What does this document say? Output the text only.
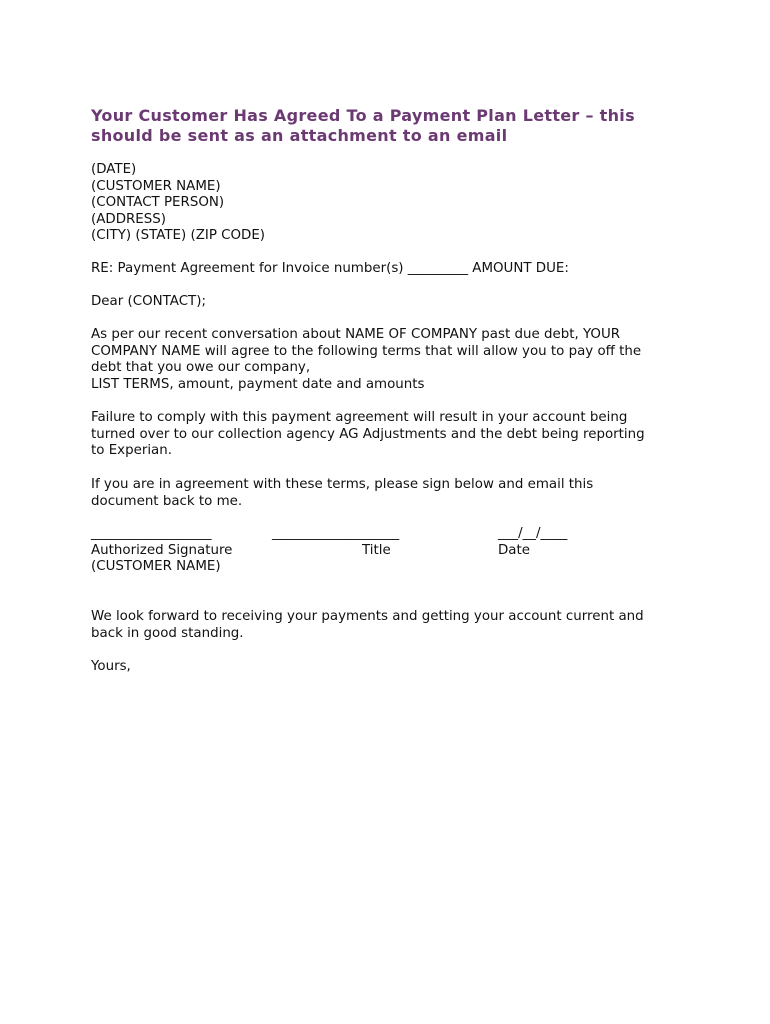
Your Customer Has Agreed To a Payment Plan Letter – this
should be sent as an attachment to an email
(DATE)
(CUSTOMER NAME)
(CONTACT PERSON)
(ADDRESS)
(CITY) (STATE) (ZIP CODE)
RE: Payment Agreement for Invoice number(s) _________ AMOUNT DUE:
Dear (CONTACT);
As per our recent conversation about NAME OF COMPANY past due debt, YOUR
COMPANY NAME will agree to the following terms that will allow you to pay off the
debt that you owe our company,
LIST TERMS, amount, payment date and amounts
Failure to comply with this payment agreement will result in your account being
turned over to our collection agency AG Adjustments and the debt being reporting
to Experian.
If you are in agreement with these terms, please sign below and email this
document back to me.
__________________	___________________	___/__/____
Authorized Signature	Title	Date
(CUSTOMER NAME)
We look forward to receiving your payments and getting your account current and
back in good standing.
Yours,
